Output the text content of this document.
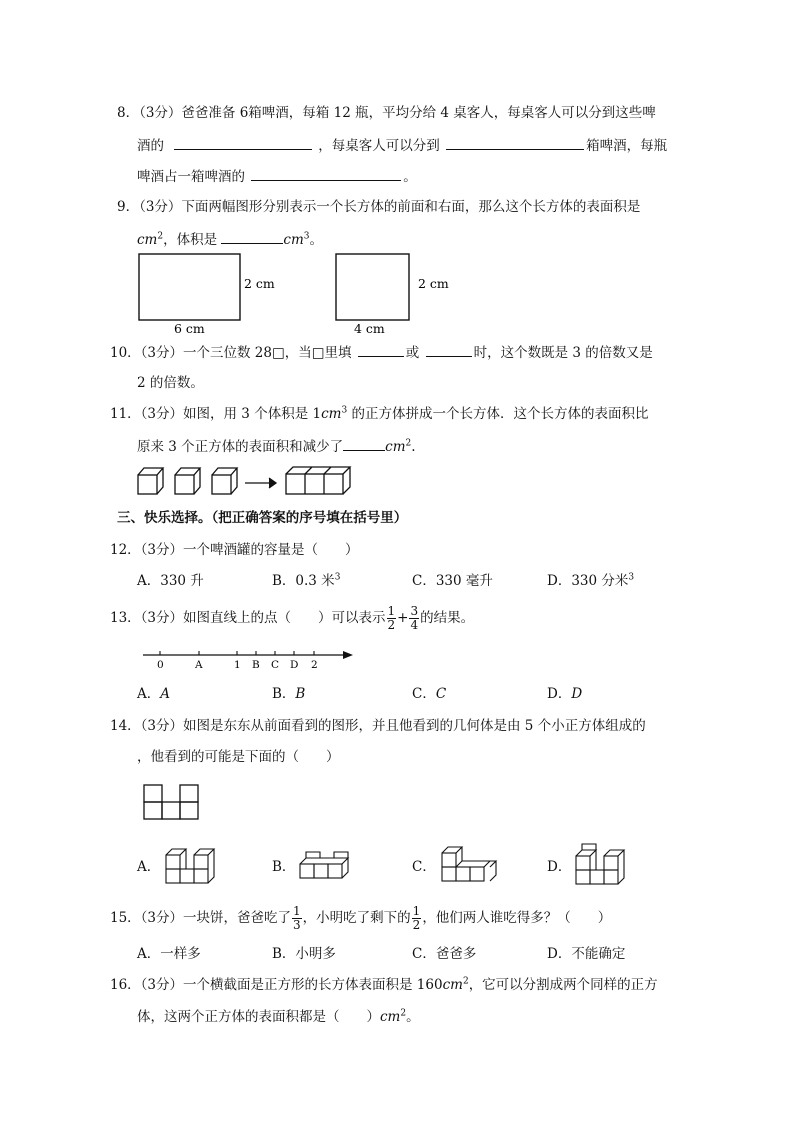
8．（3分）爸爸准备 6箱啤酒，每箱 12 瓶，平均分给 4 桌客人，每桌客人可以分到这些啤
酒的	，每桌客人可以分到	箱啤酒，每瓶
啤酒占一箱啤酒的	。
9．（3分）下面两幅图形分别表示一个长方体的前面和右面，那么这个长方体的表面积是
$cm^2$，体积是	$cm^3$。
2 cm
6 cm
2 cm
4 cm
10．（3分）一个三位数 28□，当□里填	或	时，这个数既是 3 的倍数又是
2 的倍数。
11．（3分）如图，用 3 个体积是 $1cm^3$ 的正方体拼成一个长方体．这个长方体的表面积比
原来 3 个正方体的表面积和减少了	$cm^2$.
三、快乐选择。（把正确答案的序号填在括号里）
12．（3分）一个啤酒罐的容量是（　　）
A．330 升	B．0.3 米$^3$	C．330 毫升	D．330 分米$^3$
13．（3分）如图直线上的点（　　）可以表示 $\frac{1}{2} + \frac{3}{4}$ 的结果。
0	A	1 B C D 2
A．A	B．B	C．C	D．D
14．（3分）如图是东东从前面看到的图形，并且他看到的几何体是由 5 个小正方体组成的
，他看到的可能是下面的（　　）
A．	B．	C．	D．
15．（3分）一块饼，爸爸吃了 $\frac{1}{3}$ ，小明吃了剩下的 $\frac{1}{2}$ ，他们两人谁吃得多？（　　）
A．一样多	B．小明多	C．爸爸多	D．不能确定
16．（3分）一个横截面是正方形的长方体表面积是 $160cm^2$，它可以分割成两个同样的正方
体，这两个正方体的表面积都是（　　）$cm^2$。
